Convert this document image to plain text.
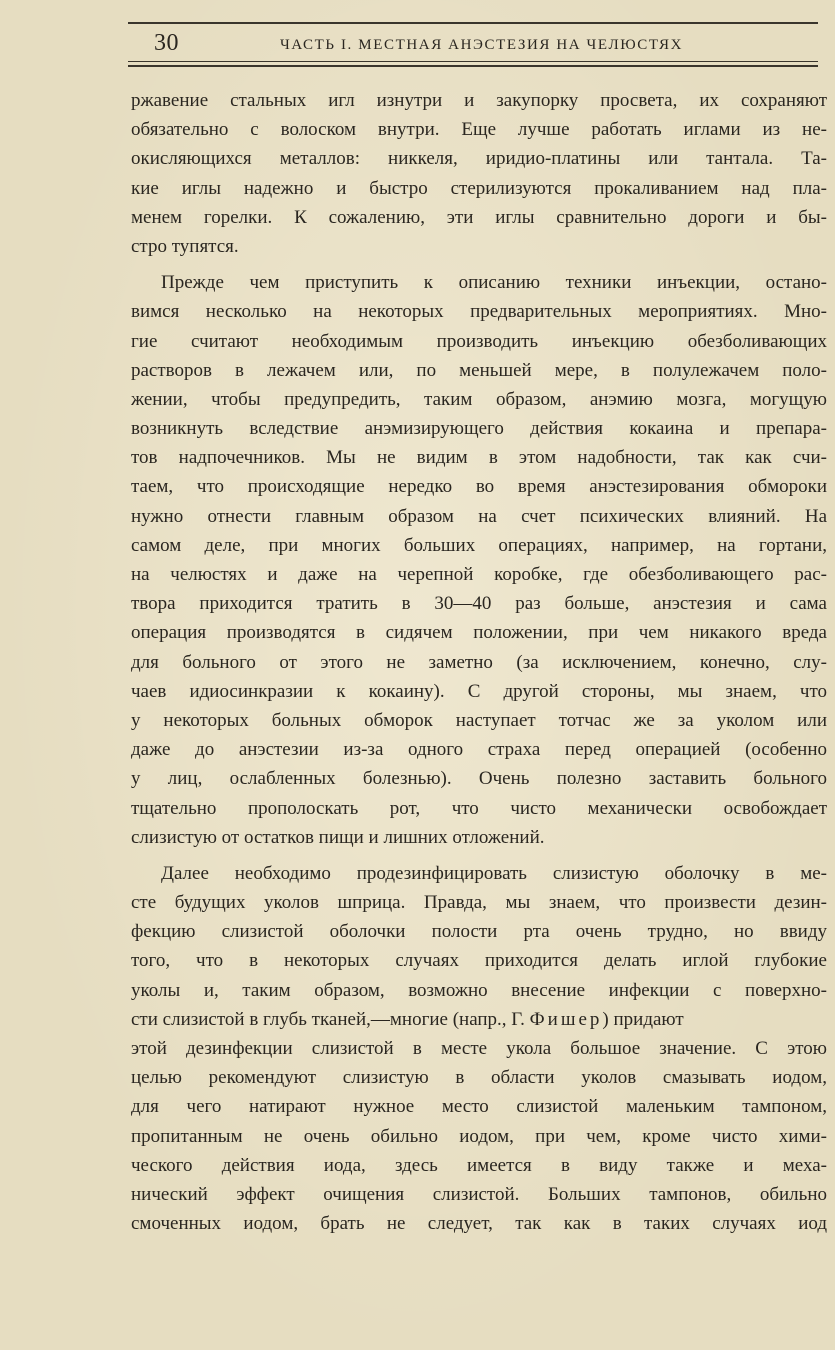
30	ЧАСТЬ I. МЕСТНАЯ АНЭСТЕЗИЯ НА ЧЕЛЮСТЯХ
ржавение стальных игл изнутри и закупорку просвета, их сохраняют
обязательно с волоском внутри. Еще лучше работать иглами из не-
окисляющихся металлов: никкеля, иридио-платины или тантала. Та-
кие иглы надежно и быстро стерилизуются прокаливанием над пла-
менем горелки. К сожалению, эти иглы сравнительно дороги и бы-
стро тупятся.
Прежде чем приступить к описанию техники инъекции, остано-
вимся несколько на некоторых предварительных мероприятиях. Мно-
гие считают необходимым производить инъекцию обезболивающих
растворов в лежачем или, по меньшей мере, в полулежачем поло-
жении, чтобы предупредить, таким образом, анэмию мозга, могущую
возникнуть вследствие анэмизирующего действия кокаина и препара-
тов надпочечников. Мы не видим в этом надобности, так как счи-
таем, что происходящие нередко во время анэстезирования обмороки
нужно отнести главным образом на счет психических влияний. На
самом деле, при многих больших операциях, например, на гортани,
на челюстях и даже на черепной коробке, где обезболивающего рас-
твора приходится тратить в 30—40 раз больше, анэстезия и сама
операция производятся в сидячем положении, при чем никакого вреда
для больного от этого не заметно (за исключением, конечно, слу-
чаев идиосинкразии к кокаину). С другой стороны, мы знаем, что
у некоторых больных обморок наступает тотчас же за уколом или
даже до анэстезии из-за одного страха перед операцией (особенно
у лиц, ослабленных болезнью). Очень полезно заставить больного
тщательно прополоскать рот, что чисто механически освобождает
слизистую от остатков пищи и лишних отложений.
Далее необходимо продезинфицировать слизистую оболочку в ме-
сте будущих уколов шприца. Правда, мы знаем, что произвести дезин-
фекцию слизистой оболочки полости рта очень трудно, но ввиду
того, что в некоторых случаях приходится делать иглой глубокие
уколы и, таким образом, возможно внесение инфекции с поверхно-
сти слизистой в глубь тканей,—многие (напр., Г. Фишер) придают
этой дезинфекции слизистой в месте укола большое значение. С этою
целью рекомендуют слизистую в области уколов смазывать иодом,
для чего натирают нужное место слизистой маленьким тампоном,
пропитанным не очень обильно иодом, при чем, кроме чисто хими-
ческого действия иода, здесь имеется в виду также и меха-
нический эффект очищения слизистой. Больших тампонов, обильно
смоченных иодом, брать не следует, так как в таких случаях иод
